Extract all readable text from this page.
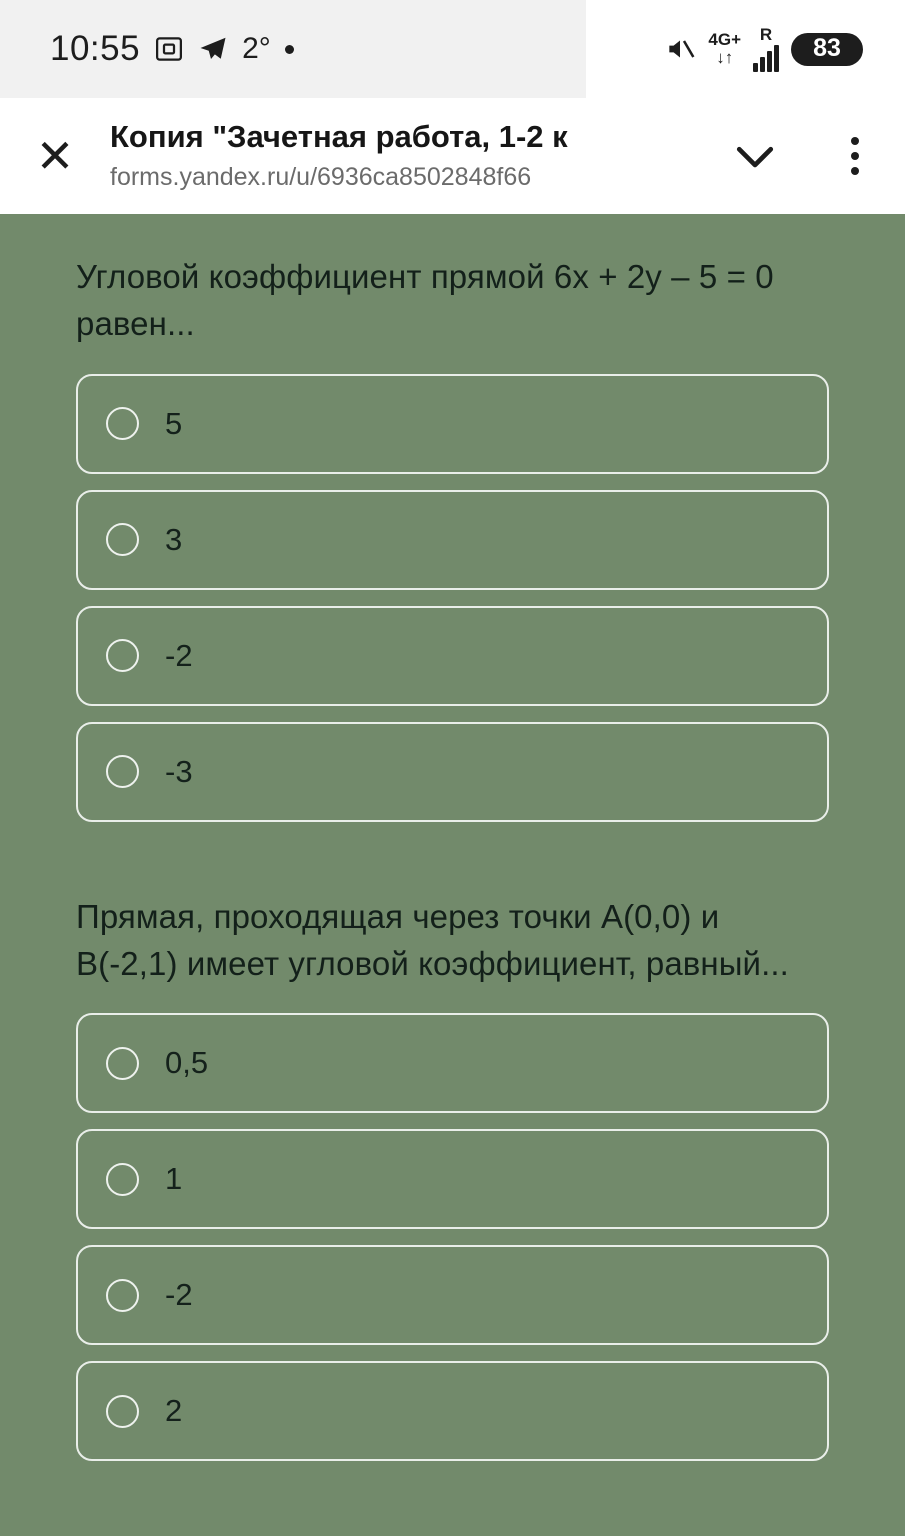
10:55	2°	4G+
↓↑
R	83
✕	Копия "Зачетная работа, 1-2 к
forms.yandex.ru/u/6936ca8502848f66

Угловой коэффициент прямой 6х + 2у – 5 = 0 равен...

5
3
-2
-3

Прямая, проходящая через точки А(0,0) и В(-2,1) имеет угловой коэффициент, равный...

0,5
1
-2
2
